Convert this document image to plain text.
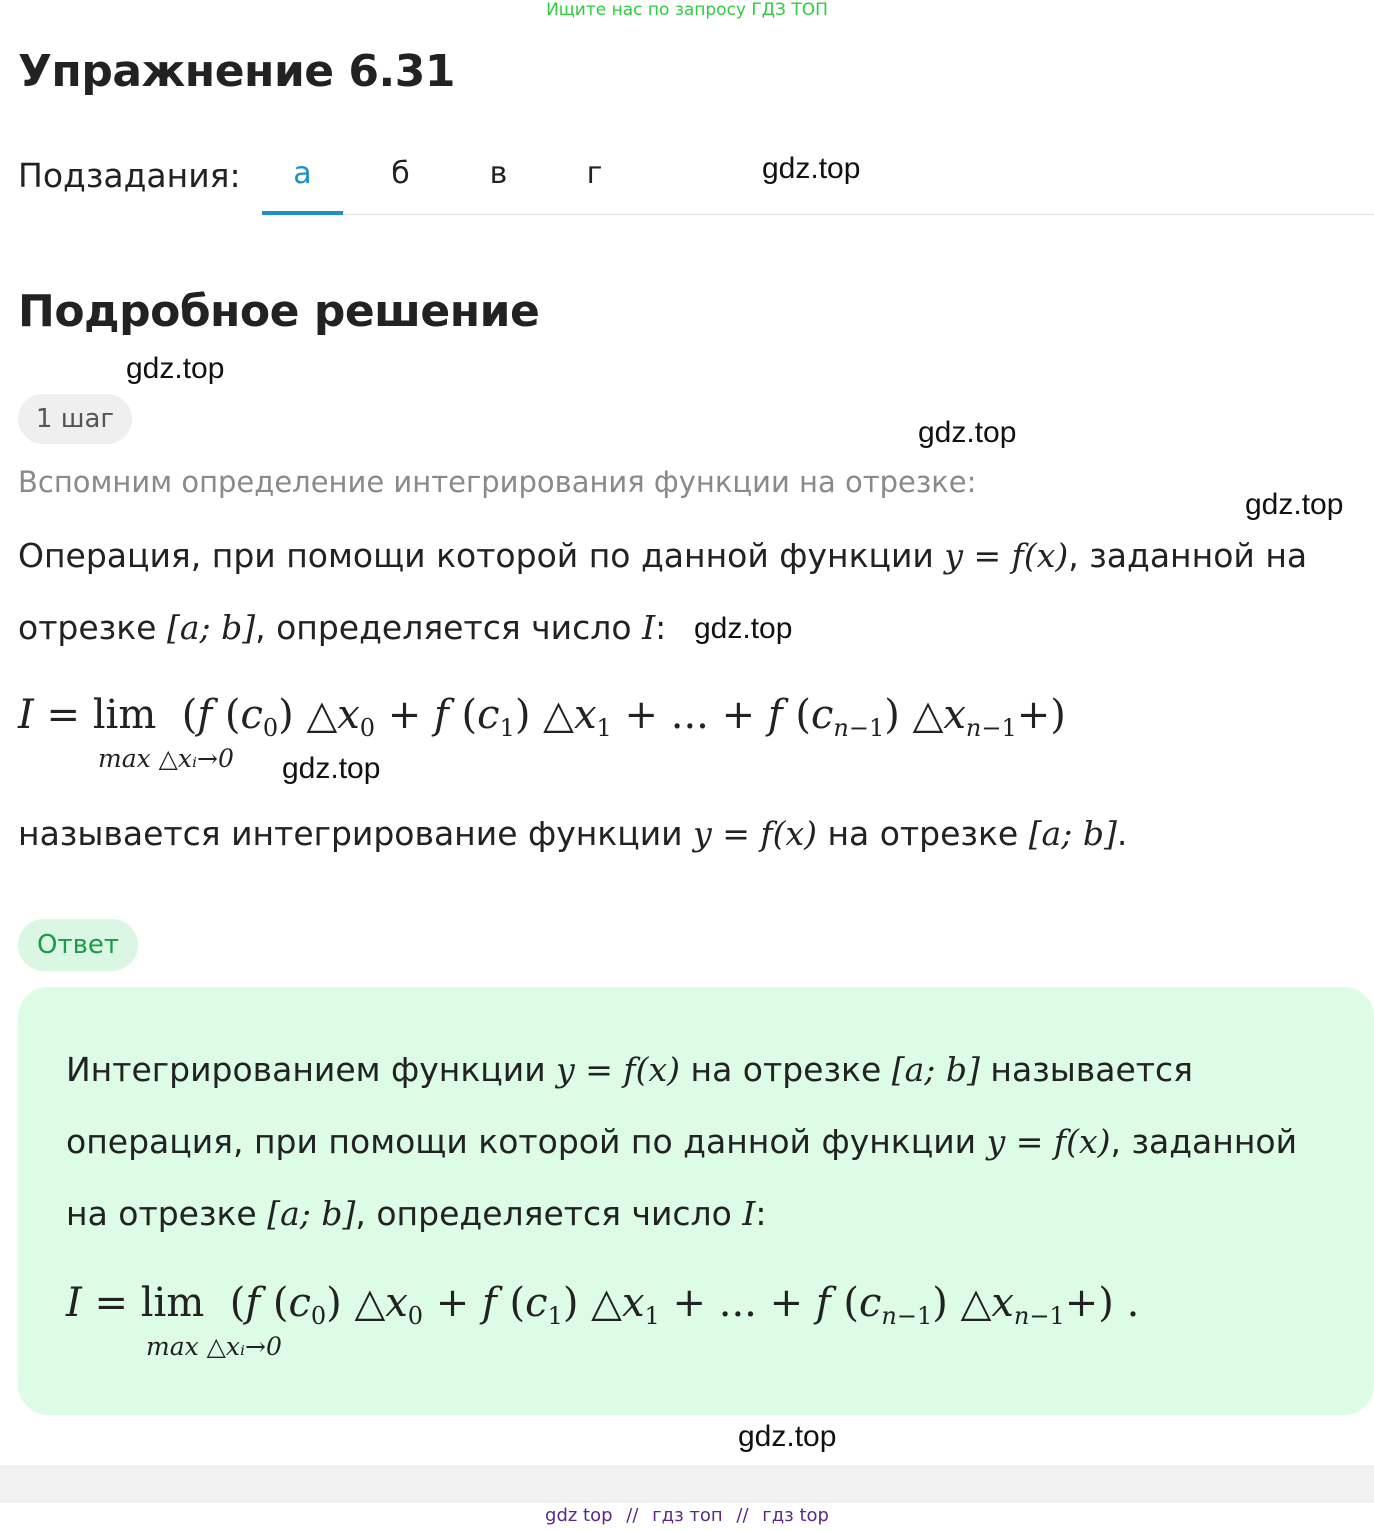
Ищите нас по запросу ГДЗ ТОП
Упражнение 6.31
Подзадания:	а	б	в	г	gdz.top
gdz.top
gdz.top
gdz.top
gdz.top
gdz.top
gdz.top
Подробное решение
1 шаг
Вспомним определение интегрирования функции на отрезке:
Операция, при помощи которой по данной функции y = f(x), заданной на
отрезке [a; b], определяется число I:
I = lim  (f $(c_0)$ $\triangle x_0 + f$ $(c_1)$ $\triangle x_1$ + ... + f $(c_{n-1})$ $\triangle x_{n-1}+$)
max △xᵢ→0
называется интегрирование функции y = f(x) на отрезке [a; b].
Ответ
Интегрированием функции y = f(x) на отрезке [a; b] называется
операция, при помощи которой по данной функции y = f(x), заданной
на отрезке [a; b], определяется число I:
I = lim  (f $(c_0)$ $\triangle x_0 + f$ $(c_1)$ $\triangle x_1$ + ... + f $(c_{n-1})$ $\triangle x_{n-1}+$) .
max △xᵢ→0
gdz top // гдз топ // гдз top
